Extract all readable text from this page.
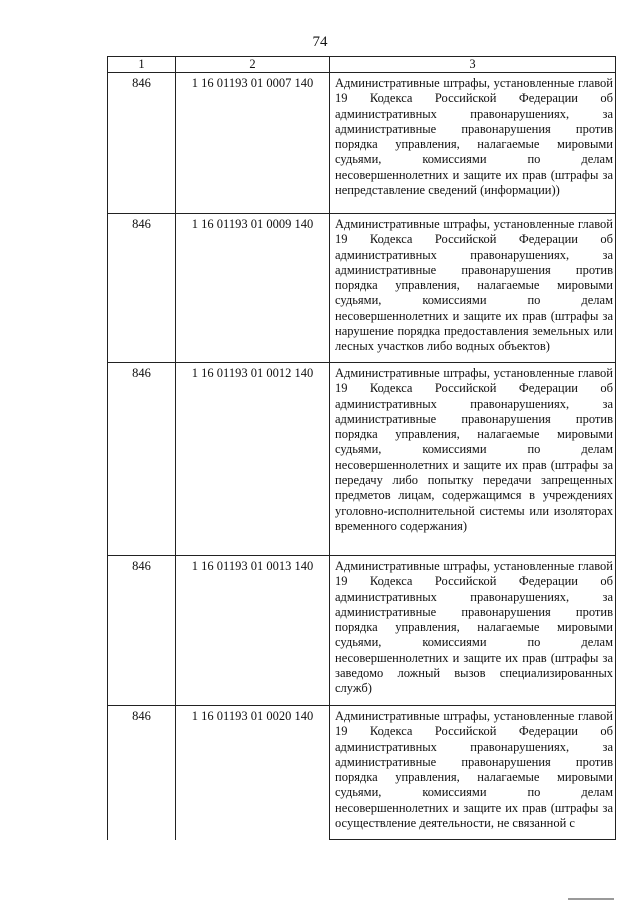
74
1	2	3
846	1 16 01193 01 0007 140	Административные штрафы, установленные главой 19 Кодекса Российской Федерации об административных правонарушениях, за административные правонарушения против порядка управления, налагаемые мировыми судьями, комиссиями по делам несовершеннолетних и защите их прав (штрафы за непредставление сведений (информации))

846	1 16 01193 01 0009 140	Административные штрафы, установленные главой 19 Кодекса Российской Федерации об административных правонарушениях, за административные правонарушения против порядка управления, налагаемые мировыми судьями, комиссиями по делам несовершеннолетних и защите их прав (штрафы за нарушение порядка предоставления земельных или лесных участков либо водных объектов)

846	1 16 01193 01 0012 140	Административные штрафы, установленные главой 19 Кодекса Российской Федерации об административных правонарушениях, за административные правонарушения против порядка управления, налагаемые мировыми судьями, комиссиями по делам несовершеннолетних и защите их прав (штрафы за передачу либо попытку передачи запрещенных предметов лицам, содержащимся в учреждениях уголовно-исполнительной системы или изоляторах временного содержания)

846	1 16 01193 01 0013 140	Административные штрафы, установленные главой 19 Кодекса Российской Федерации об административных правонарушениях, за административные правонарушения против порядка управления, налагаемые мировыми судьями, комиссиями по делам несовершеннолетних и защите их прав (штрафы за заведомо ложный вызов специализированных служб)

846	1 16 01193 01 0020 140	Административные штрафы, установленные главой 19 Кодекса Российской Федерации об административных правонарушениях, за административные правонарушения против порядка управления, налагаемые мировыми судьями, комиссиями по делам несовершеннолетних и защите их прав (штрафы за осуществление деятельности, не связанной с
